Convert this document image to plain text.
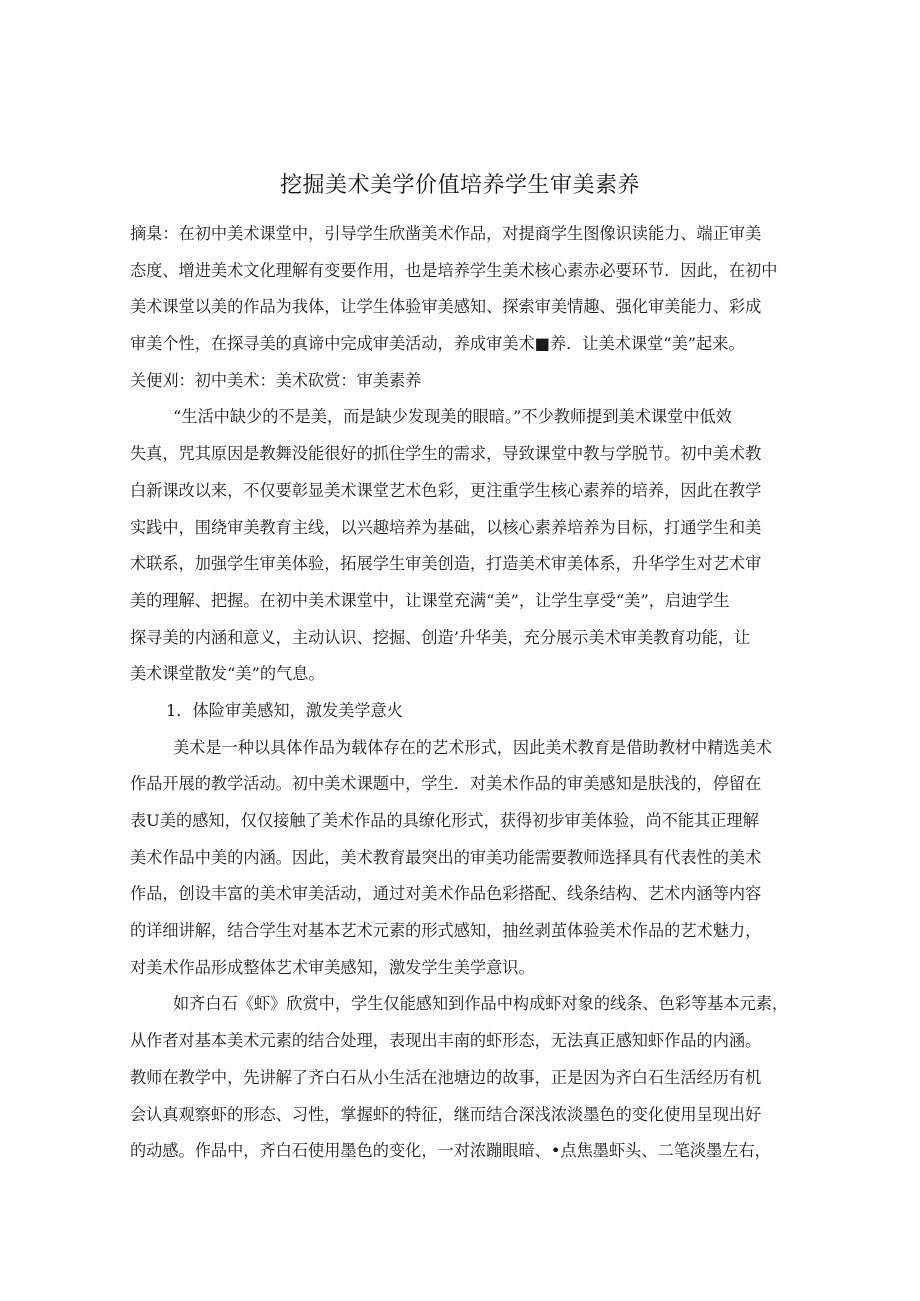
挖掘美术美学价值培养学生审美素养
摘臬：在初中美术课堂中，引导学生欣凿美术作品，对提商学生图像识读能力、端正审美
态度、增进美术文化理解有变要作用，也是培养学生美术核心素赤必要环节．因此，在初中
美术课堂以美的作品为我体，让学生体验审美感知、探索审美情趣、强化审美能力、彩成
审美个性，在探寻美的真谛中完成审美活动，养成审美术■养．让美术课堂“美”起来。
关便刈：初中美术：美术砍赏：审美素养
“生活中缺少的不是美，而是缺少发现美的眼暗。”不少教师提到美术课堂中低效
失真，咒其原因是教舞没能很好的抓住学生的需求，导致课堂中教与学脱节。初中美术教
白新课改以来，不仅要彰显美术课堂艺术色彩，更注重学生核心素养的培养，因此在教学
实践中，围绕审美教育主线，以兴趣培养为基础，以核心素养培养为目标，打通学生和美
术联系，加强学生审美体验，拓展学生审美创造，打造美术审美体系，升华学生对艺术审
美的理解、把握。在初中美术课堂中，让课堂充满“美”，让学生享受“美”，启迪学生
探寻美的内涵和意义，主动认识、挖掘、创造’升华美，充分展示美术审美教育功能，让
美术课堂散发“美”的气息。
1．体险审美感知，激发美学意火
美术是一种以具体作品为载体存在的艺术形式，因此美术教育是借助教材中精选美术
作品开展的教学活动。初中美术课题中，学生．对美术作品的审美感知是肤浅的，停留在
表U美的感知，仅仅接触了美术作品的具缭化形式，获得初步审美体验，尚不能其正理解
美术作品中美的内涵。因此，美术教育最突出的审美功能需要教师选择具有代表性的美术
作品，创设丰富的美术审美活动，通过对美术作品色彩搭配、线条结构、艺术内涵等内容
的详细讲解，结合学生对基本艺术元素的形式感知，抽丝剥茧体验美术作品的艺术魅力，
对美术作品形成整体艺术审美感知，激发学生美学意识。
如齐白石《虾》欣赏中，学生仅能感知到作品中构成虾对象的线条、色彩等基本元素，
从作者对基本美术元素的结合处理，表现出丰南的虾形态，无法真正感知虾作品的内涵。
教师在教学中，先讲解了齐白石从小生活在池塘边的故事，正是因为齐白石生活经历有机
会认真观察虾的形态、习性，掌握虾的特征，继而结合深浅浓淡墨色的变化使用呈现出好
的动感。作品中，齐白石使用墨色的变化，一对浓蹦眼暗、•点焦墨虾头、二笔淡墨左右，
